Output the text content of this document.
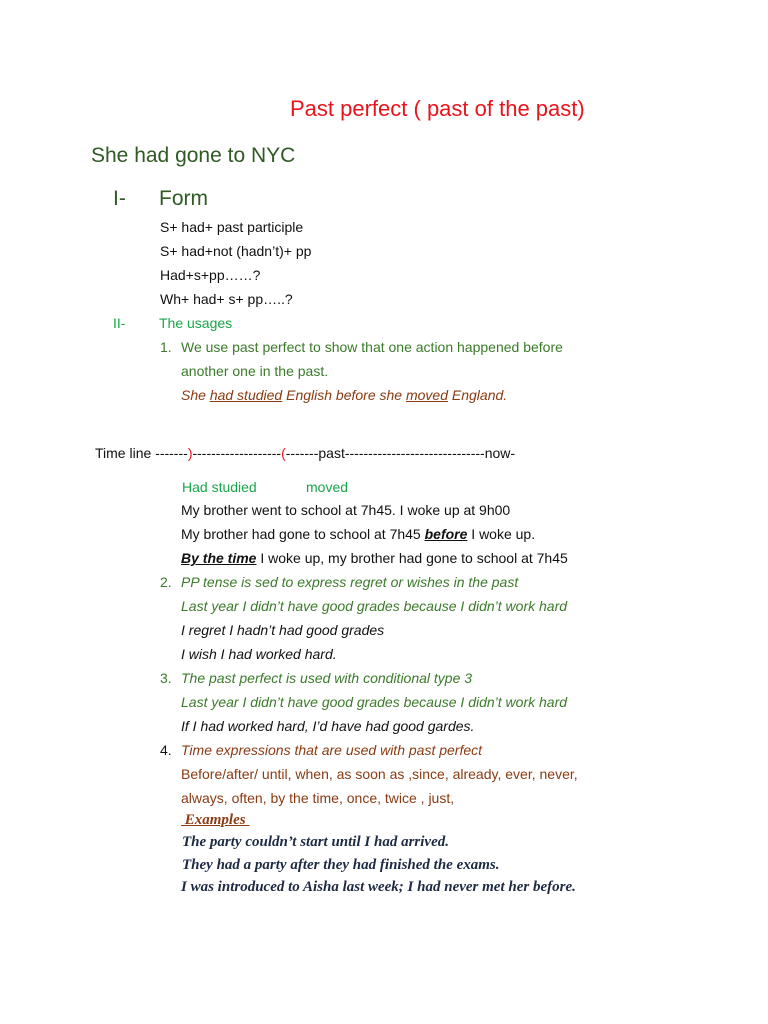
Past perfect ( past of the past)
She had gone to NYC
I- Form
S+ had+ past participle
S+ had+not (hadn’t)+ pp
Had+s+pp……?
Wh+ had+ s+ pp…..?
II- The usages
1. We use past perfect to show that one action happened before
another one in the past.
She had studied English before she moved England.
Time line -------)-------------------(-------past------------------------------now-
Had studied	moved
My brother went to school at 7h45. I woke up at 9h00
My brother had gone to school at 7h45 before I woke up.
By the time I woke up, my brother had gone to school at 7h45
2. PP tense is sed to express regret or wishes in the past
Last year I didn’t have good grades because I didn’t work hard
I regret I hadn’t had good grades
I wish I had worked hard.
3. The past perfect is used with conditional type 3
Last year I didn’t have good grades because I didn’t work hard
If I had worked hard, I’d have had good gardes.
4. Time expressions that are used with past perfect
Before/after/ until, when, as soon as ,since, already, ever, never,
always, often, by the time, once, twice , just,
Examples
The party couldn’t start until I had arrived.
They had a party after they had finished the exams.
I was introduced to Aisha last week; I had never met her before.
